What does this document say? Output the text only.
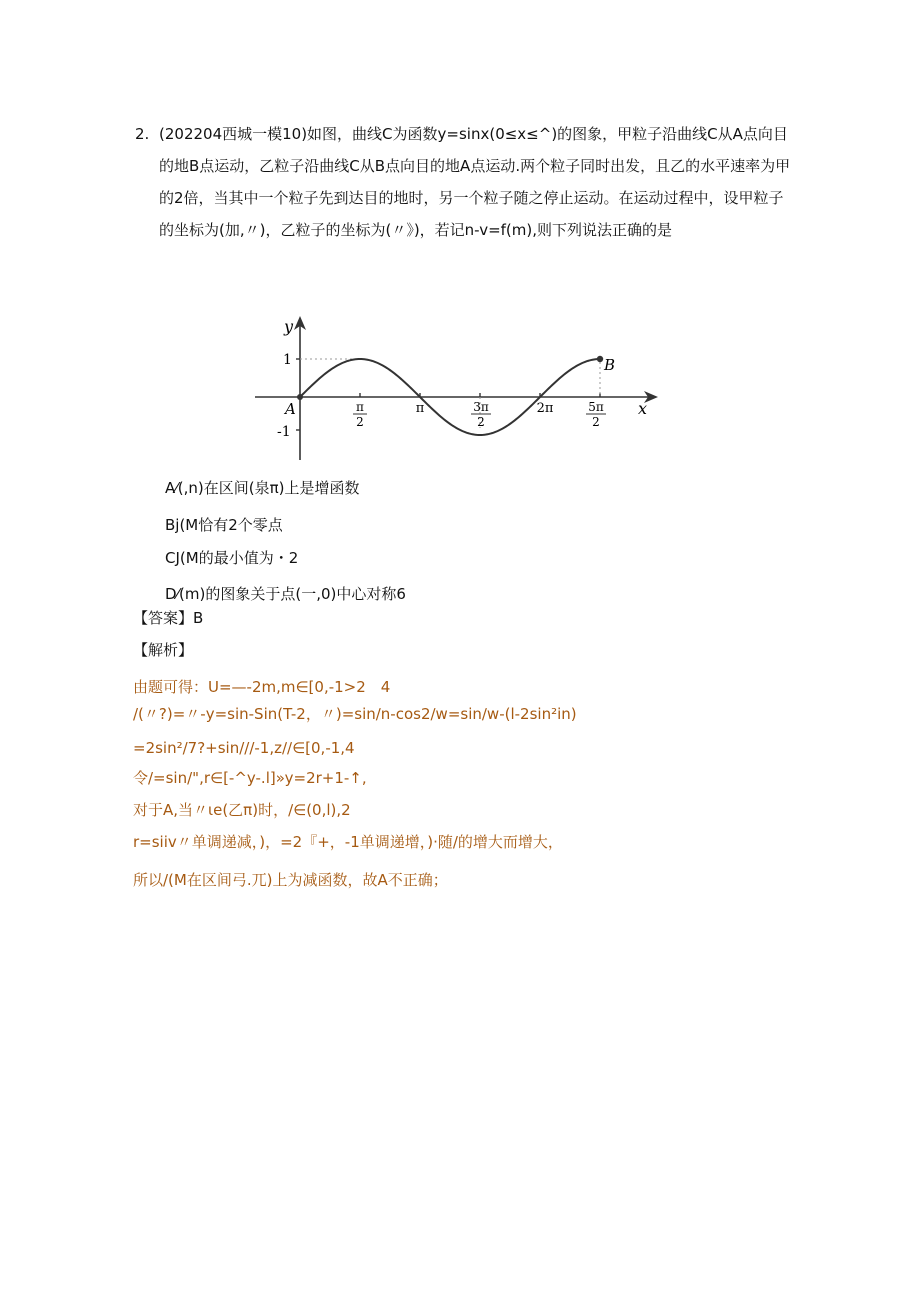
2. (202204西城一模10)如图，曲线C为函数y=sinx(0≤x≤^)的图象，甲粒子沿曲线C从A点向目的地B点运动，乙粒子沿曲线C从B点向目的地A点运动.两个粒子同时出发，且乙的水平速率为甲的2倍，当其中一个粒子先到达目的地时，另一个粒子随之停止运动。在运动过程中，设甲粒子的坐标为(加,〃)，乙粒子的坐标为(〃》)，若记n-v=f(m),则下列说法正确的是
y
x
A
B
1
-1
π
2
π	3π
2
2π	5π
2
A⁄(,n)在区间(泉π)上是增函数
Bj(M恰有2个零点
CJ(M的最小值为・2
D⁄(m)的图象关于点(一,0)中心对称6
【答案】B
【解析】
由题可得：U=—-2m,m∈[0,-1>2　4
/(〃?)=〃-y=sin-Sin(T-2，〃)=sin∕n-cos2∕w=sin∕w-(l-2sin²in)
=2sin²/7?+sin///-1,z∕∕∈[0,-1,4
令/=sin/",r∈[-^y-.l]»y=2r+1-↑,
对于A,当〃ιe(乙π)时，∕∈(0,l),2
r=siiv〃单调递减，)，=2『+，-1单调递增，)·随/的增大而增大，
所以/(M在区间弓.兀)上为减函数，故A不正确；
